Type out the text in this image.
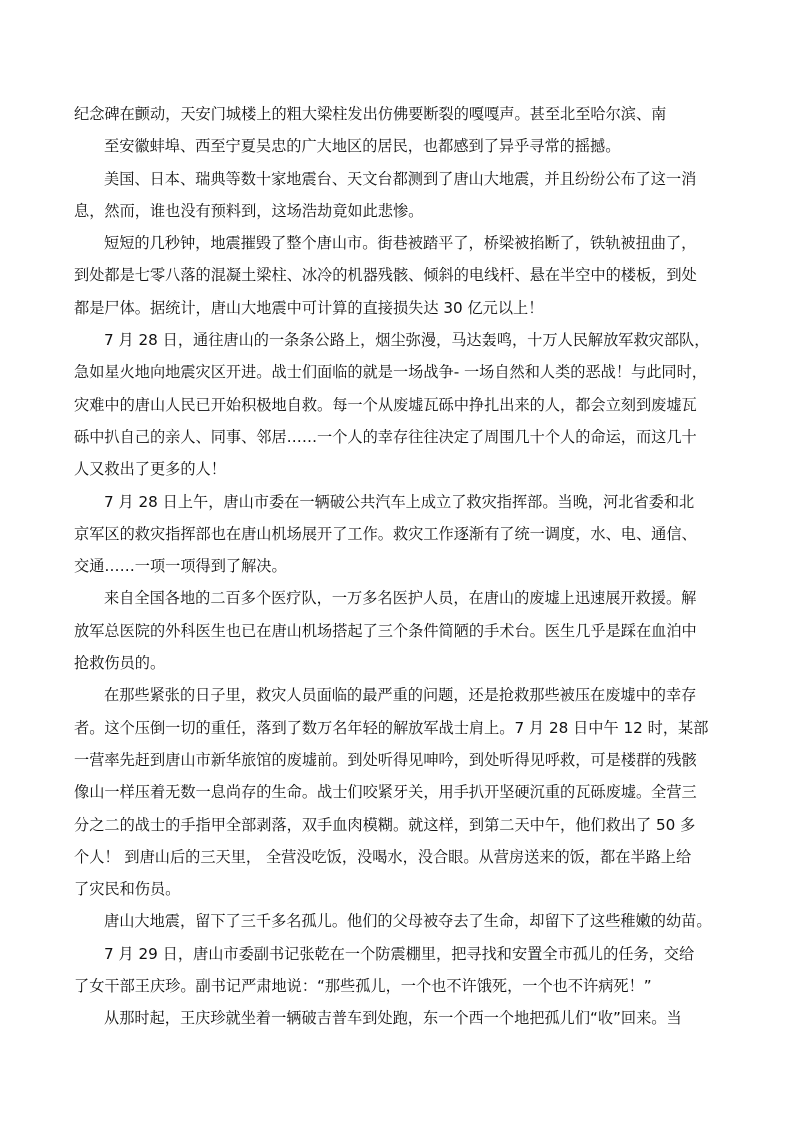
纪念碑在颤动，天安门城楼上的粗大梁柱发出仿佛要断裂的嘎嘎声。甚至北至哈尔滨、南
至安徽蚌埠、西至宁夏吴忠的广大地区的居民，也都感到了异乎寻常的摇撼。
美国、日本、瑞典等数十家地震台、天文台都测到了唐山大地震，并且纷纷公布了这一消
息，然而，谁也没有预料到，这场浩劫竟如此悲惨。
短短的几秒钟，地震摧毁了整个唐山市。街巷被踏平了，桥梁被掐断了，铁轨被扭曲了，
到处都是七零八落的混凝土梁柱、冰冷的机器残骸、倾斜的电线杆、悬在半空中的楼板，到处
都是尸体。据统计，唐山大地震中可计算的直接损失达 30 亿元以上！
7 月 28 日，通往唐山的一条条公路上，烟尘弥漫，马达轰鸣，十万人民解放军救灾部队，
急如星火地向地震灾区开进。战士们面临的就是一场战争- 一场自然和人类的恶战！与此同时，
灾难中的唐山人民已开始积极地自救。每一个从废墟瓦砾中挣扎出来的人，都会立刻到废墟瓦
砾中扒自己的亲人、同事、邻居……一个人的幸存往往决定了周围几十个人的命运，而这几十
人又救出了更多的人！
7 月 28 日上午，唐山市委在一辆破公共汽车上成立了救灾指挥部。当晚，河北省委和北
京军区的救灾指挥部也在唐山机场展开了工作。救灾工作逐渐有了统一调度，水、电、通信、
交通……一项一项得到了解决。
来自全国各地的二百多个医疗队，一万多名医护人员，在唐山的废墟上迅速展开救援。解
放军总医院的外科医生也已在唐山机场搭起了三个条件简陋的手术台。医生几乎是踩在血泊中
抢救伤员的。
在那些紧张的日子里，救灾人员面临的最严重的问题，还是抢救那些被压在废墟中的幸存
者。这个压倒一切的重任，落到了数万名年轻的解放军战士肩上。7 月 28 日中午 12 时，某部
一营率先赶到唐山市新华旅馆的废墟前。到处听得见呻吟，到处听得见呼救，可是楼群的残骸
像山一样压着无数一息尚存的生命。战士们咬紧牙关，用手扒开坚硬沉重的瓦砾废墟。全营三
分之二的战士的手指甲全部剥落，双手血肉模糊。就这样，到第二天中午，他们救出了 50 多
个人！ 到唐山后的三天里， 全营没吃饭，没喝水，没合眼。从营房送来的饭，都在半路上给
了灾民和伤员。
唐山大地震，留下了三千多名孤儿。他们的父母被夺去了生命，却留下了这些稚嫩的幼苗。
7 月 29 日，唐山市委副书记张乾在一个防震棚里，把寻找和安置全市孤儿的任务，交给
了女干部王庆珍。副书记严肃地说：“那些孤儿，一个也不许饿死，一个也不许病死！”
从那时起，王庆珍就坐着一辆破吉普车到处跑，东一个西一个地把孤儿们“收”回来。当
